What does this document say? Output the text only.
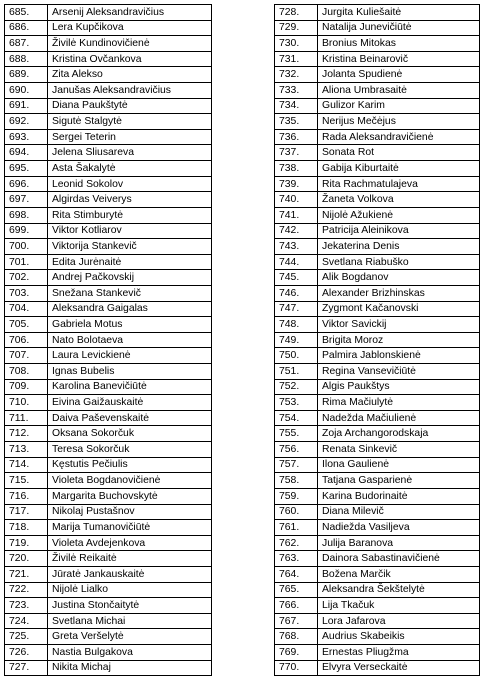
685.	Arsenij Aleksandravičius
686.	Lera Kupčikova
687.	Živilė Kundinovičienė
688.	Kristina Ovčankova
689.	Zita Alekso
690.	Janušas Aleksandravičius
691.	Diana Paukštytė
692.	Sigutė Stalgytė
693.	Sergei Teterin
694.	Jelena Sliusareva
695.	Asta Šakalytė
696.	Leonid Sokolov
697.	Algirdas Veiverys
698.	Rita Stimburytė
699.	Viktor Kotliarov
700.	Viktorija Stankevič
701.	Edita Jurėnaitė
702.	Andrej Pačkovskij
703.	Snežana Stankevič
704.	Aleksandra Gaigalas
705.	Gabriela Motus
706.	Nato Bolotaeva
707.	Laura Levickienė
708.	Ignas Bubelis
709.	Karolina Banevičiūtė
710.	Eivina Gaižauskaitė
711.	Daiva Paševenskaitė
712.	Oksana Sokorčuk
713.	Teresa Sokorčuk
714.	Kęstutis Pečiulis
715.	Violeta Bogdanovičienė
716.	Margarita Buchovskytė
717.	Nikolaj Pustašnov
718.	Marija Tumanovičiūtė
719.	Violeta Avdejenkova
720.	Živilė Reikaitė
721.	Jūratė Jankauskaitė
722.	Nijolė Lialko
723.	Justina Stončaitytė
724.	Svetlana Michai
725.	Greta Veršelytė
726.	Nastia Bulgakova
727.	Nikita Michaj
728.	Jurgita Kuliešaitė
729.	Natalija Junevičiūtė
730.	Bronius Mitokas
731.	Kristina Beinarovič
732.	Jolanta Spudienė
733.	Aliona Umbrasaitė
734.	Gulizor Karim
735.	Nerijus Mečėjus
736.	Rada Aleksandravičienė
737.	Sonata Rot
738.	Gabija Kiburtaitė
739.	Rita Rachmatulajeva
740.	Žaneta Volkova
741.	Nijolė Ažukienė
742.	Patricija Aleinikova
743.	Jekaterina Denis
744.	Svetlana Riabuško
745.	Alik Bogdanov
746.	Alexander Brizhinskas
747.	Zygmont Kačanovski
748.	Viktor Savickij
749.	Brigita Moroz
750.	Palmira Jablonskienė
751.	Regina Vansevičiūtė
752.	Algis Paukštys
753.	Rima Mačiulytė
754.	Nadežda Mačiulienė
755.	Zoja Archangorodskaja
756.	Renata Sinkevič
757.	Ilona Gaulienė
758.	Tatjana Gasparienė
759.	Karina Budorinaitė
760.	Diana Milevič
761.	Nadiežda Vasiljeva
762.	Julija Baranova
763.	Dainora Sabastinavičienė
764.	Božena Marčik
765.	Aleksandra Šekštelytė
766.	Lija Tkačuk
767.	Lora Jafarova
768.	Audrius Skabeikis
769.	Ernestas Pliugžma
770.	Elvyra Verseckaitė
